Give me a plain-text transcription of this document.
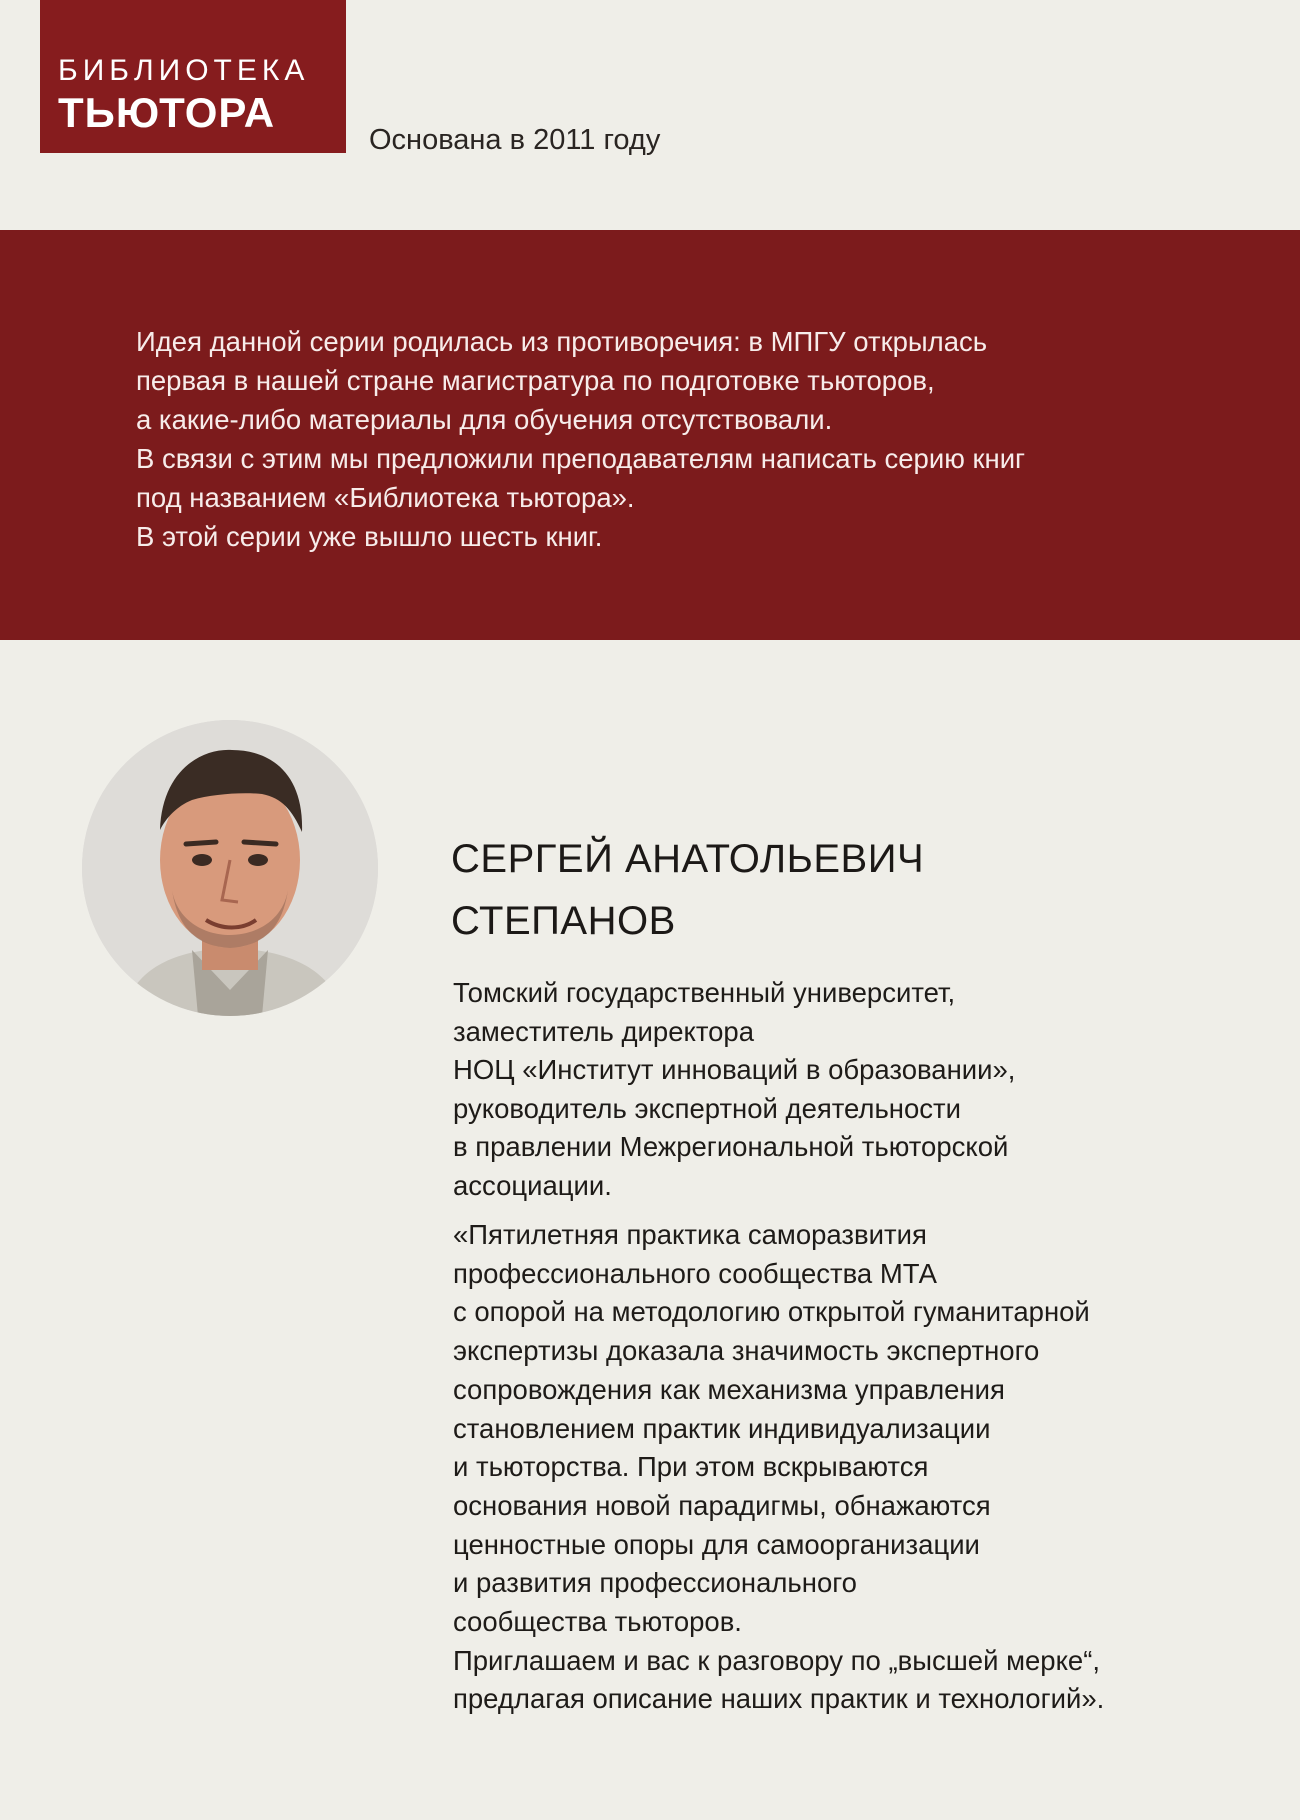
БИБЛИОТЕКА
ТЬЮТОРА
Основана в 2011 году
Идея данной серии родилась из противоречия: в МПГУ открылась
первая в нашей стране магистратура по подготовке тьюторов,
а какие-либо материалы для обучения отсутствовали.
В связи с этим мы предложили преподавателям написать серию книг
под названием «Библиотека тьютора».
В этой серии уже вышло шесть книг.
СЕРГЕЙ АНАТОЛЬЕВИЧ
СТЕПАНОВ
Томский государственный университет,
заместитель директора
НОЦ «Институт инноваций в образовании»,
руководитель экспертной деятельности
в правлении Межрегиональной тьюторской
ассоциации.
«Пятилетняя практика саморазвития
профессионального сообщества МТА
с опорой на методологию открытой гуманитарной
экспертизы доказала значимость экспертного
сопровождения как механизма управления
становлением практик индивидуализации
и тьюторства. При этом вскрываются
основания новой парадигмы, обнажаются
ценностные опоры для самоорганизации
и развития профессионального
сообщества тьюторов.
Приглашаем и вас к разговору по „высшей мерке“,
предлагая описание наших практик и технологий».
